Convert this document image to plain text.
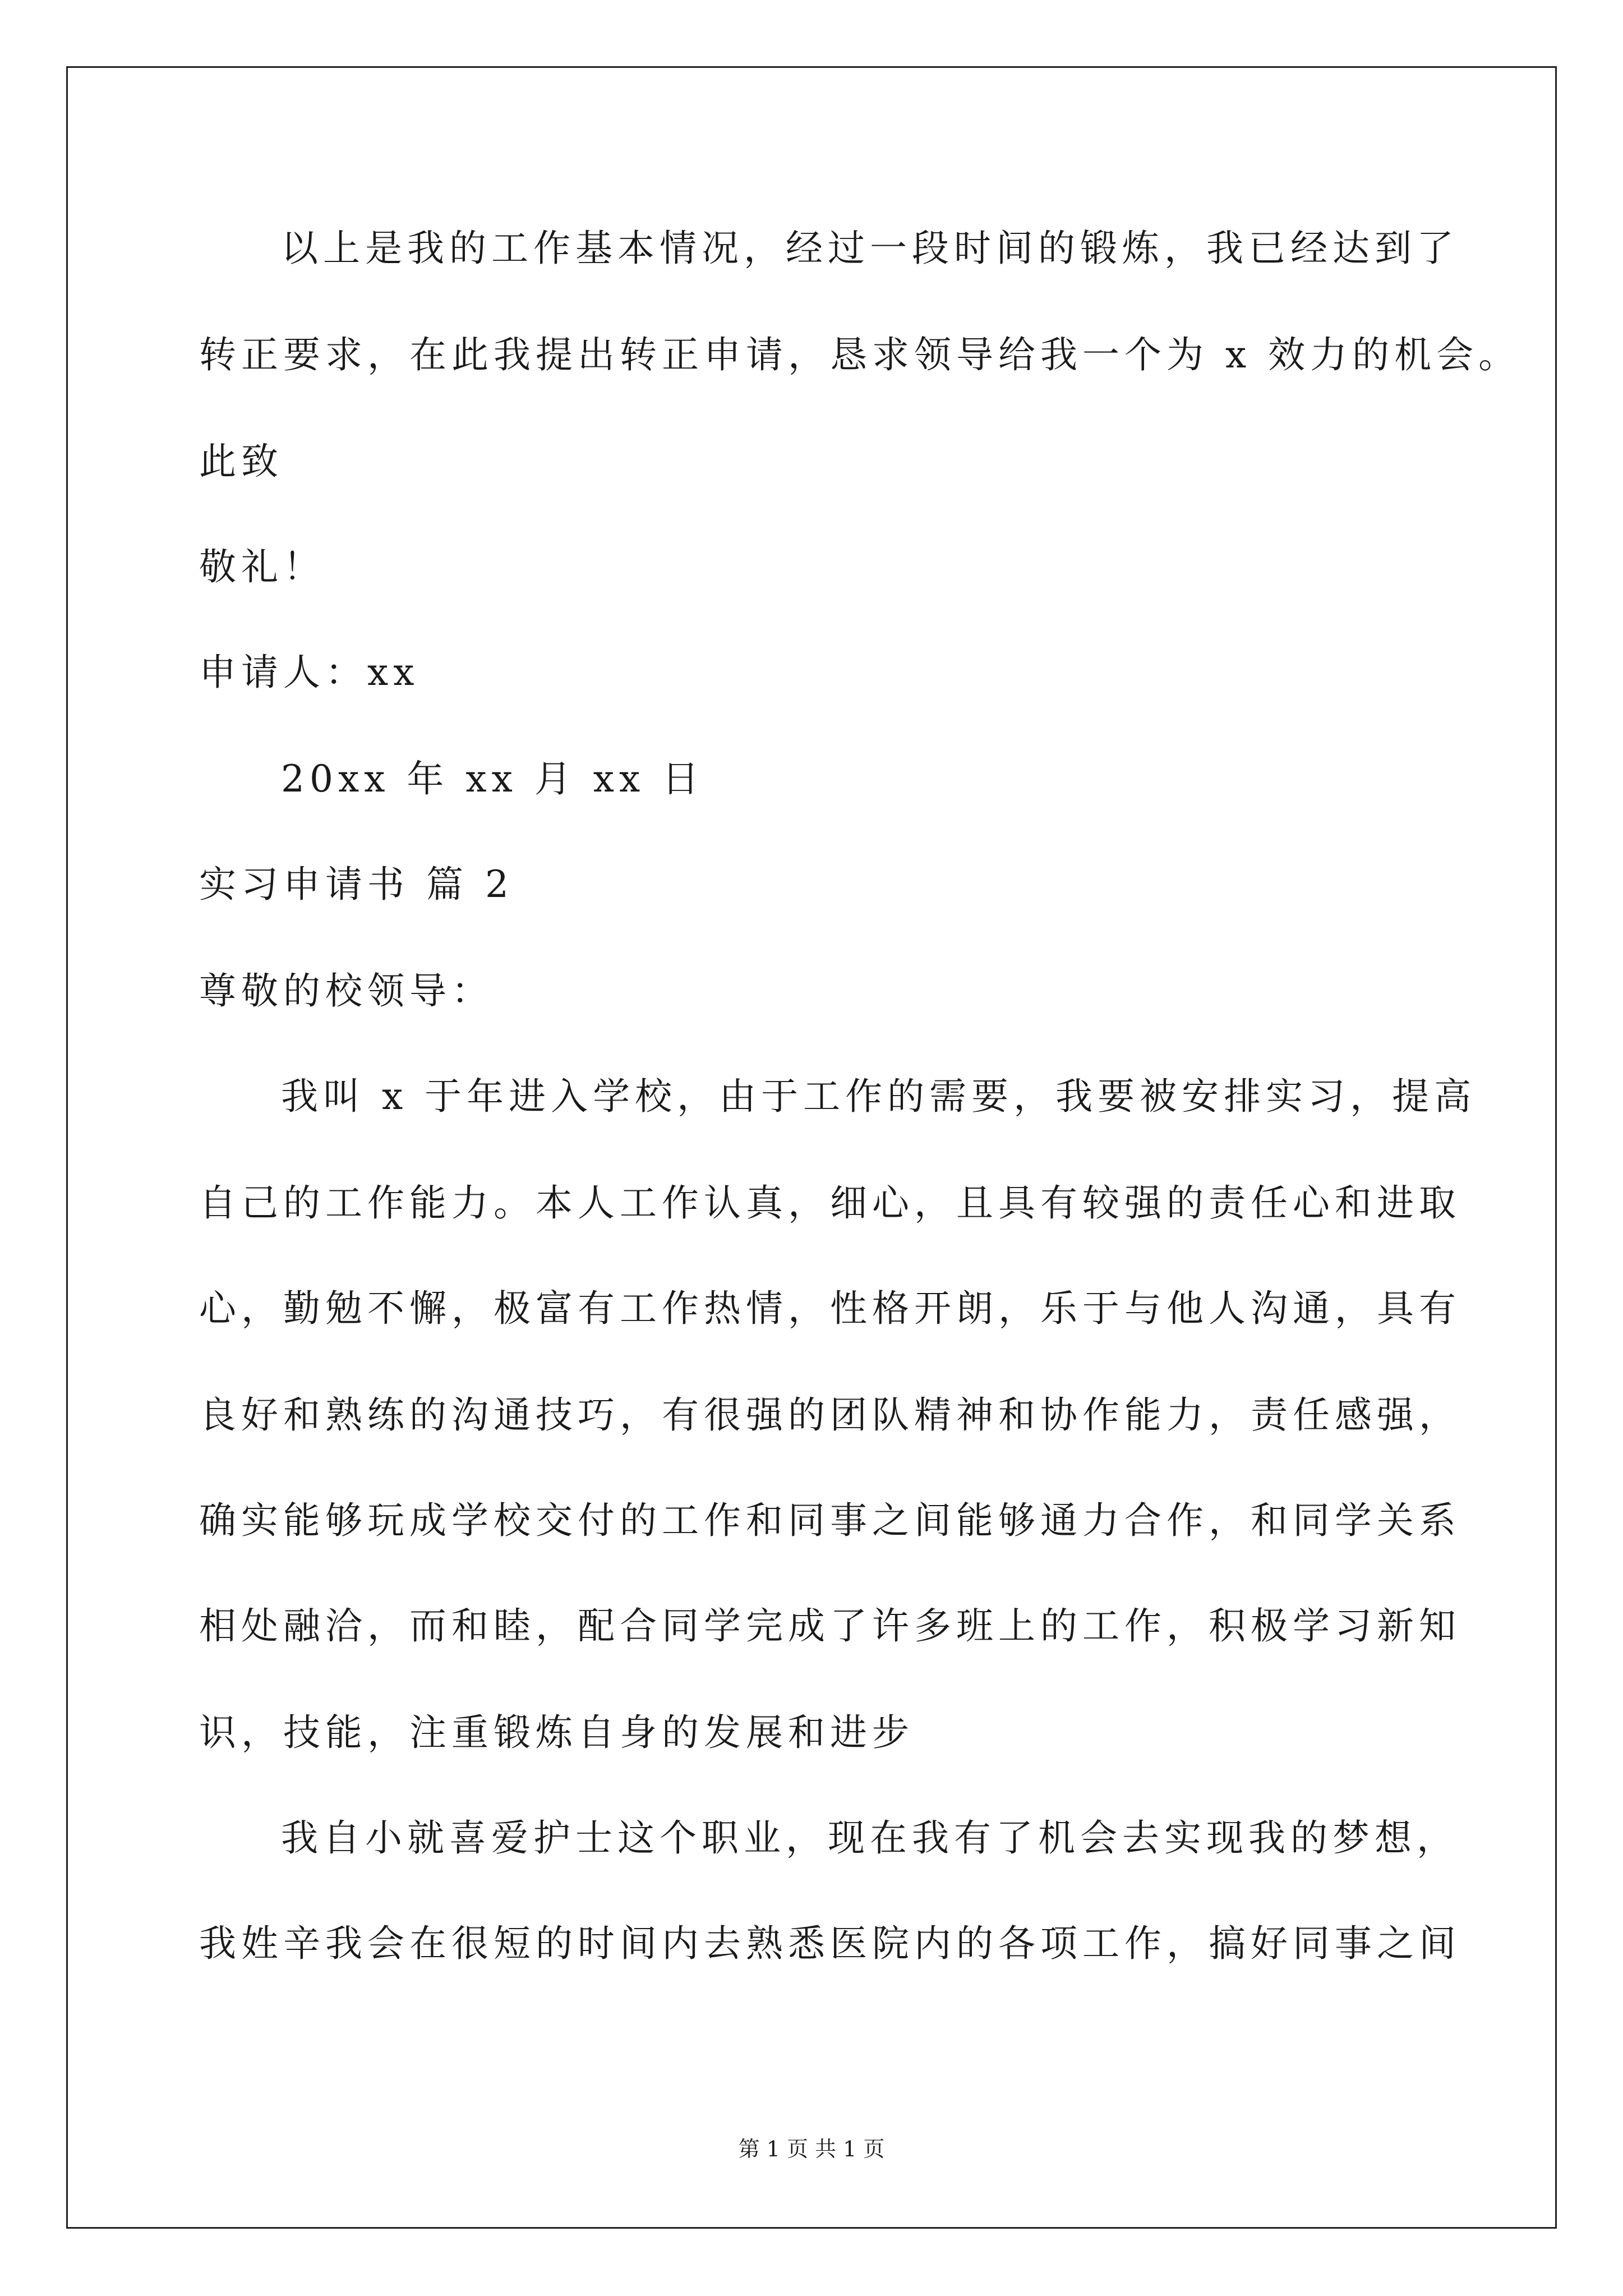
以上是我的工作基本情况，经过一段时间的锻炼，我已经达到了
转正要求，在此我提出转正申请，恳求领导给我一个为 x 效力的机会。
此致
敬礼！
申请人：xx
20xx 年 xx 月 xx 日
实习申请书 篇 2
尊敬的校领导：
我叫 x 于年进入学校，由于工作的需要，我要被安排实习，提高
自己的工作能力。本人工作认真，细心，且具有较强的责任心和进取
心，勤勉不懈，极富有工作热情，性格开朗，乐于与他人沟通，具有
良好和熟练的沟通技巧，有很强的团队精神和协作能力，责任感强，
确实能够玩成学校交付的工作和同事之间能够通力合作，和同学关系
相处融洽，而和睦，配合同学完成了许多班上的工作，积极学习新知
识，技能，注重锻炼自身的发展和进步
我自小就喜爱护士这个职业，现在我有了机会去实现我的梦想，
我姓辛我会在很短的时间内去熟悉医院内的各项工作，搞好同事之间
第 1 页 共 1 页
